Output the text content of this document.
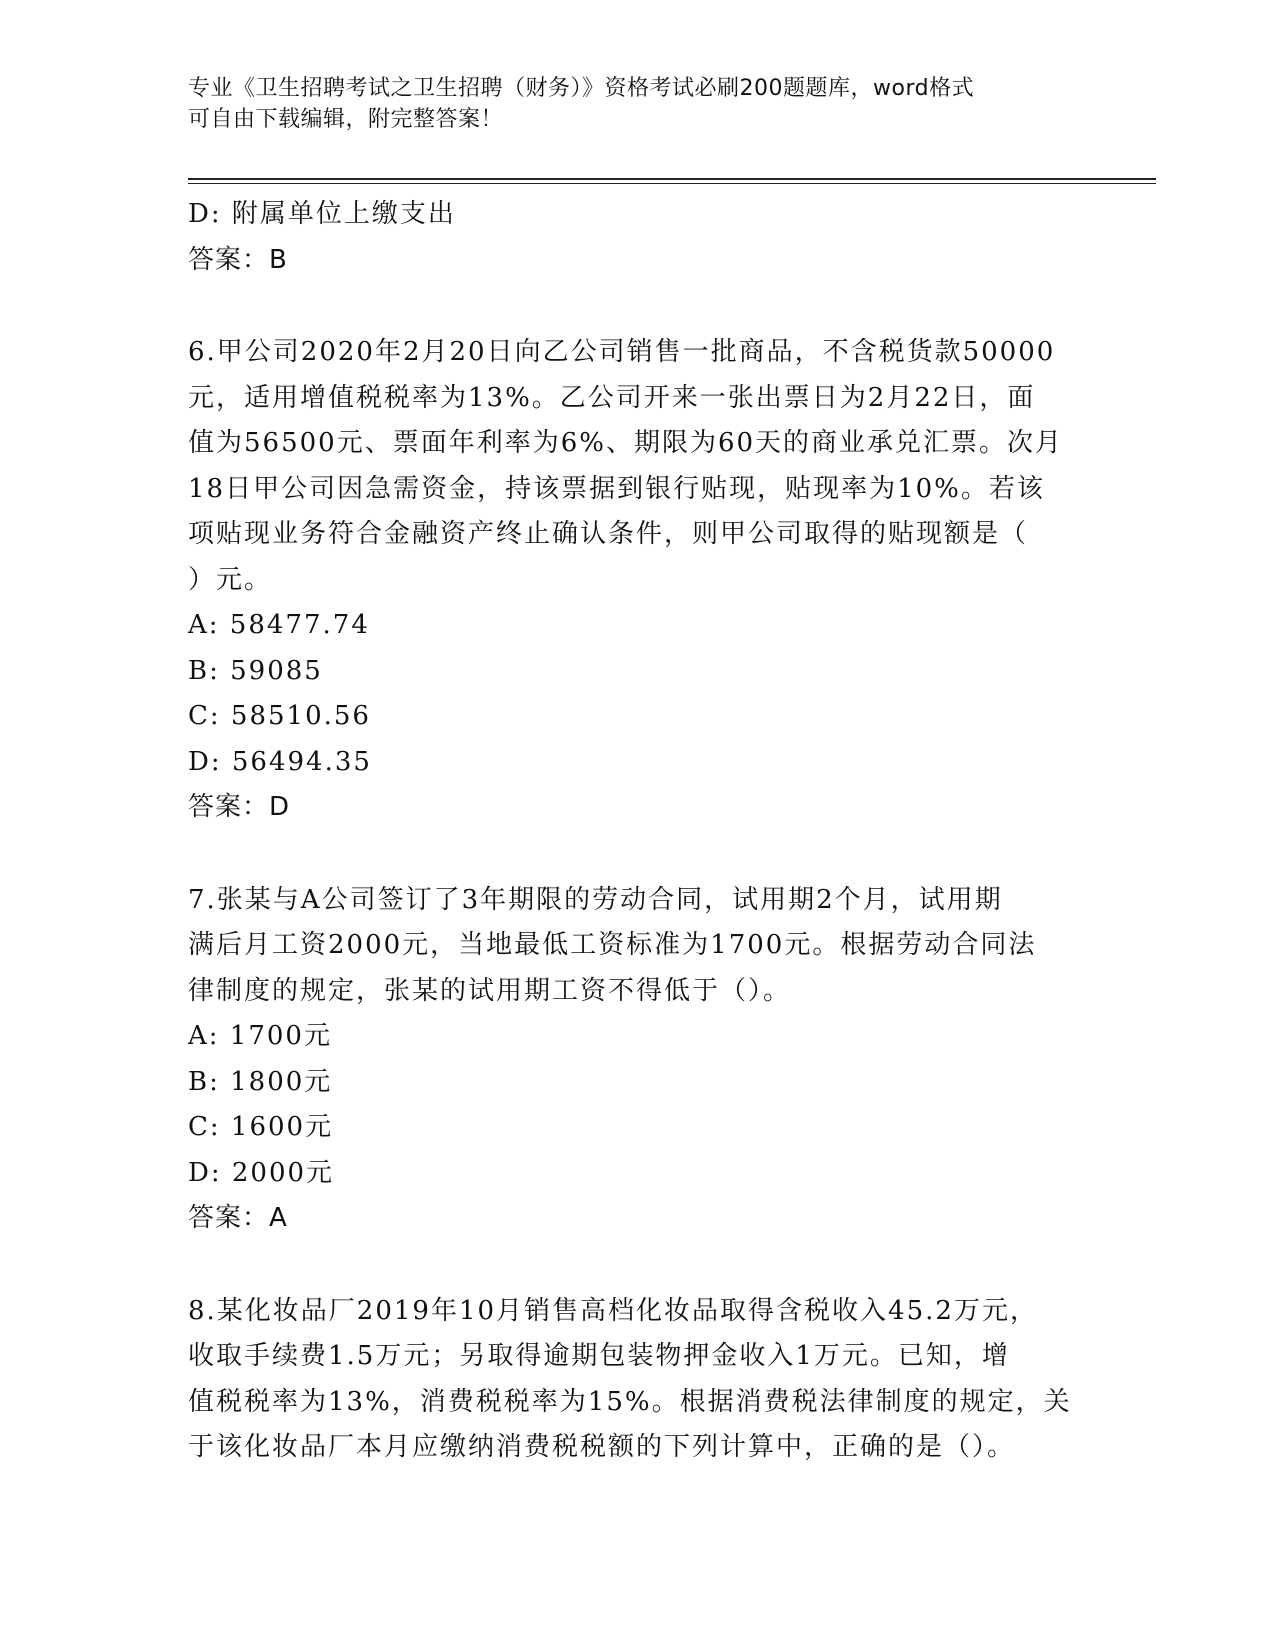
专业《卫生招聘考试之卫生招聘（财务）》资格考试必刷200题题库，word格式
可自由下载编辑，附完整答案！
D: 附属单位上缴支出
答案：B
6.甲公司2020年2月20日向乙公司销售一批商品，不含税货款50000
元，适用增值税税率为13%。乙公司开来一张出票日为2月22日，面
值为56500元、票面年利率为6%、期限为60天的商业承兑汇票。次月
18日甲公司因急需资金，持该票据到银行贴现，贴现率为10%。若该
项贴现业务符合金融资产终止确认条件，则甲公司取得的贴现额是（
）元。
A: 58477.74
B: 59085
C: 58510.56
D: 56494.35
答案：D
7.张某与A公司签订了3年期限的劳动合同，试用期2个月，试用期
满后月工资2000元，当地最低工资标准为1700元。根据劳动合同法
律制度的规定，张某的试用期工资不得低于（）。
A: 1700元
B: 1800元
C: 1600元
D: 2000元
答案：A
8.某化妆品厂2019年10月销售高档化妆品取得含税收入45.2万元，
收取手续费1.5万元；另取得逾期包装物押金收入1万元。已知，增
值税税率为13%，消费税税率为15%。根据消费税法律制度的规定，关
于该化妆品厂本月应缴纳消费税税额的下列计算中，正确的是（）。
